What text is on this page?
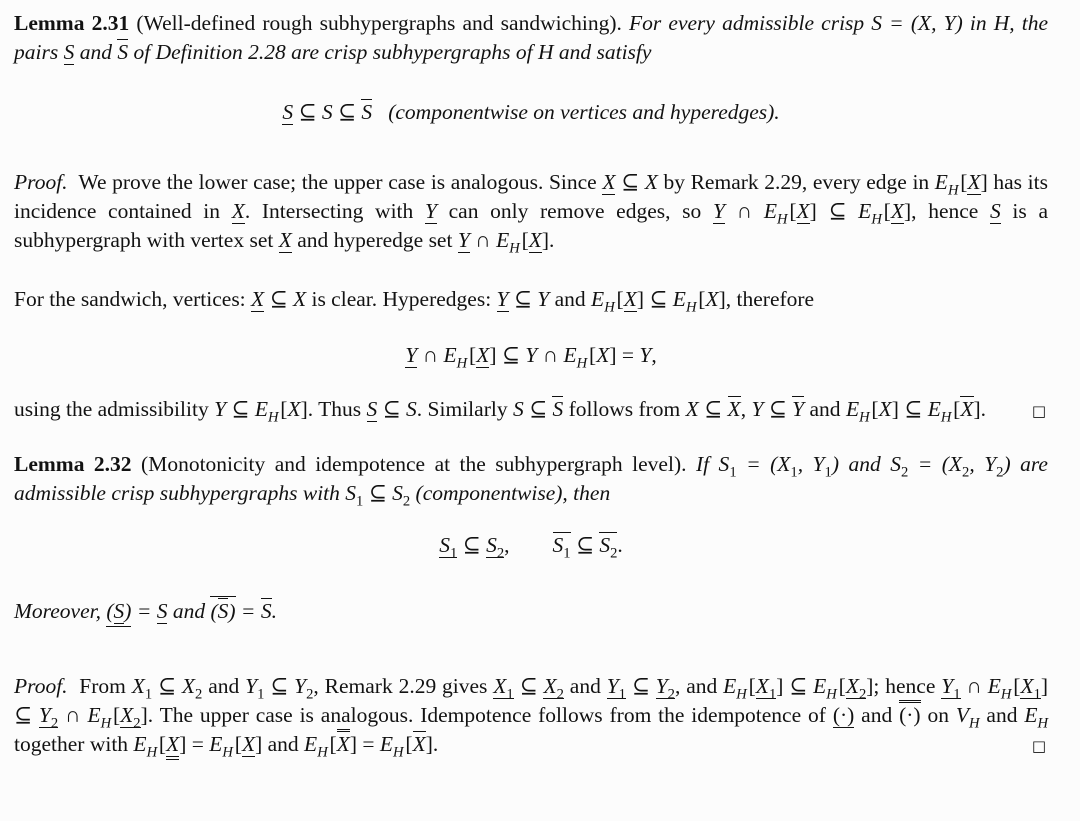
Lemma 2.31 (Well-defined rough subhypergraphs and sandwiching). For every admissible crisp S = (X, Y) in H, the pairs S and S of Definition 2.28 are crisp subhypergraphs of H and satisfy

S ⊆ S ⊆ S (componentwise on vertices and hyperedges).

Proof.  We prove the lower case; the upper case is analogous. Since X ⊆ X by Remark 2.29, every edge in $E_H$ [X] has its incidence contained in X. Intersecting with Y can only remove edges, so Y ∩ $E_H$ [X] ⊆ $E_H$ [X], hence S is a subhypergraph with vertex set X and hyperedge set Y ∩ $E_H$ [X].

For the sandwich, vertices: X ⊆ X is clear. Hyperedges: Y ⊆ Y and $E_H$ [X] ⊆ $E_H$ [X], therefore

Y ∩ $E_H$ [X] ⊆ Y ∩ $E_H$ [X] = Y,

using the admissibility Y ⊆ $E_H$ [X]. Thus S ⊆ S. Similarly S ⊆ S follows from X ⊆ X, Y ⊆ Y and $E_H$ [X] ⊆ $E_H$ [X].	□

Lemma 2.32 (Monotonicity and idempotence at the subhypergraph level). If $S_1 = (X_1$, $Y_1$) and $S_2 = (X_2$, $Y_2$) are admissible crisp subhypergraphs with $S_1$ ⊆ $S_2$ (componentwise), then

$S_1$ ⊆ $S_2$,  $S_1$ ⊆ $S_2$.

Moreover, (S) = S and (S) = S.

Proof.  From $X_1$ ⊆ $X_2$ and $Y_1$ ⊆ $Y_2$, Remark 2.29 gives $X_1$ ⊆ $X_2$ and $Y_1$ ⊆ $Y_2$, and $E_H$ $[X_1]$ ⊆ $E_H$ $[X_2]$; hence $Y_1$ ∩ $E_H$ $[X_1]$ ⊆ $Y_2$ ∩ $E_H$ $[X_2]$. The upper case is analogous. Idempotence follows from the idempotence of (·) and (·) on $V_H$ and $E_H$ together with $E_H$ $[X] = E_H$ [X] and $E_H$ $[X] = E_H$ [X].	□
